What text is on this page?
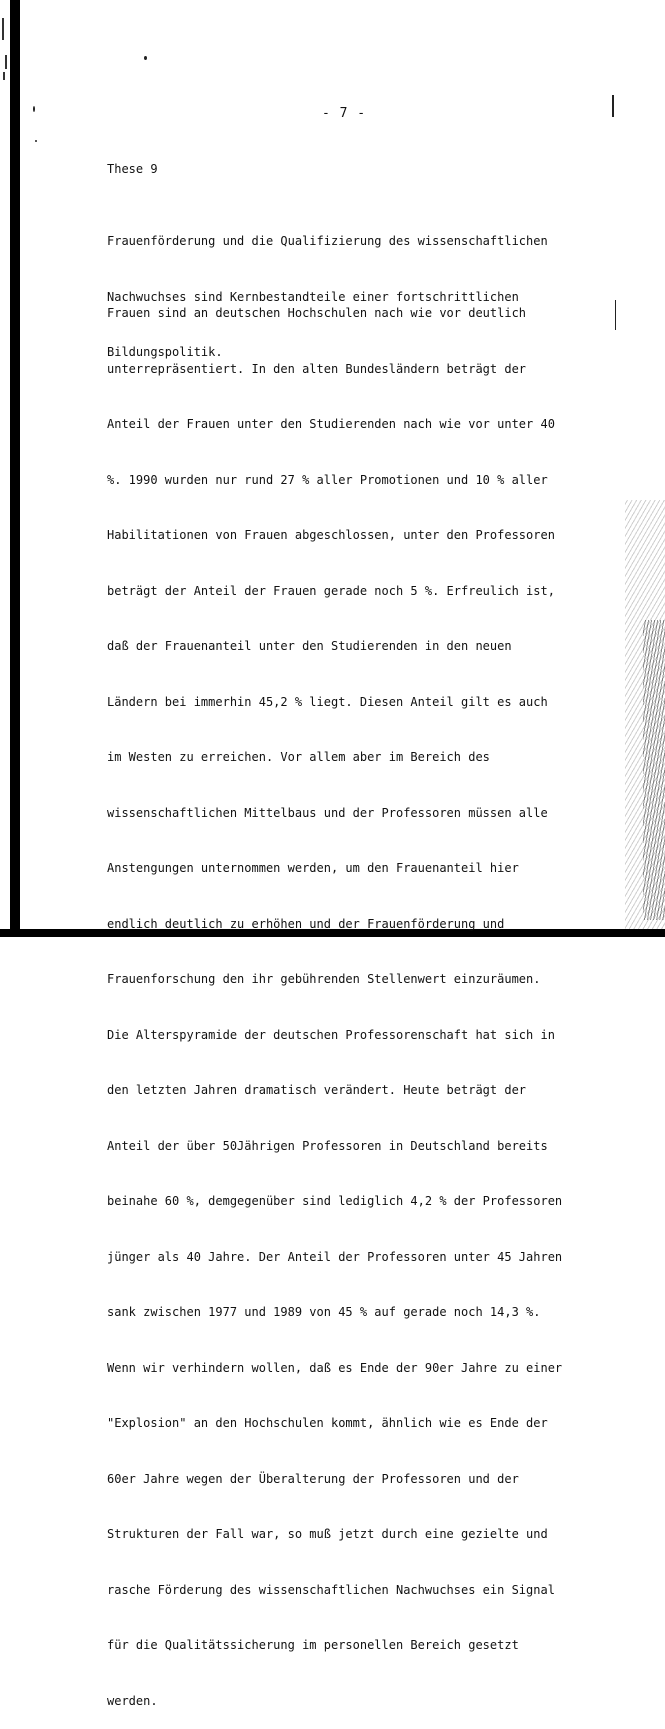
- 7 -
These 9

Frauenförderung und die Qualifizierung des wissenschaftlichen

Nachwuchses sind Kernbestandteile einer fortschrittlichen

Bildungspolitik.

Frauen sind an deutschen Hochschulen nach wie vor deutlich

unterrepräsentiert. In den alten Bundesländern beträgt der

Anteil der Frauen unter den Studierenden nach wie vor unter 40

%. 1990 wurden nur rund 27 % aller Promotionen und 10 % aller

Habilitationen von Frauen abgeschlossen, unter den Professoren

beträgt der Anteil der Frauen gerade noch 5 %. Erfreulich ist,

daß der Frauenanteil unter den Studierenden in den neuen

Ländern bei immerhin 45,2 % liegt. Diesen Anteil gilt es auch

im Westen zu erreichen. Vor allem aber im Bereich des

wissenschaftlichen Mittelbaus und der Professoren müssen alle

Anstengungen unternommen werden, um den Frauenanteil hier

endlich deutlich zu erhöhen und der Frauenförderung und

Frauenforschung den ihr gebührenden Stellenwert einzuräumen.

Die Alterspyramide der deutschen Professorenschaft hat sich in

den letzten Jahren dramatisch verändert. Heute beträgt der

Anteil der über 50Jährigen Professoren in Deutschland bereits

beinahe 60 %, demgegenüber sind lediglich 4,2 % der Professoren

jünger als 40 Jahre. Der Anteil der Professoren unter 45 Jahren

sank zwischen 1977 und 1989 von 45 % auf gerade noch 14,3 %.

Wenn wir verhindern wollen, daß es Ende der 90er Jahre zu einer

"Explosion" an den Hochschulen kommt, ähnlich wie es Ende der

60er Jahre wegen der Überalterung der Professoren und der

Strukturen der Fall war, so muß jetzt durch eine gezielte und

rasche Förderung des wissenschaftlichen Nachwuchses ein Signal

für die Qualitätssicherung im personellen Bereich gesetzt

werden.
